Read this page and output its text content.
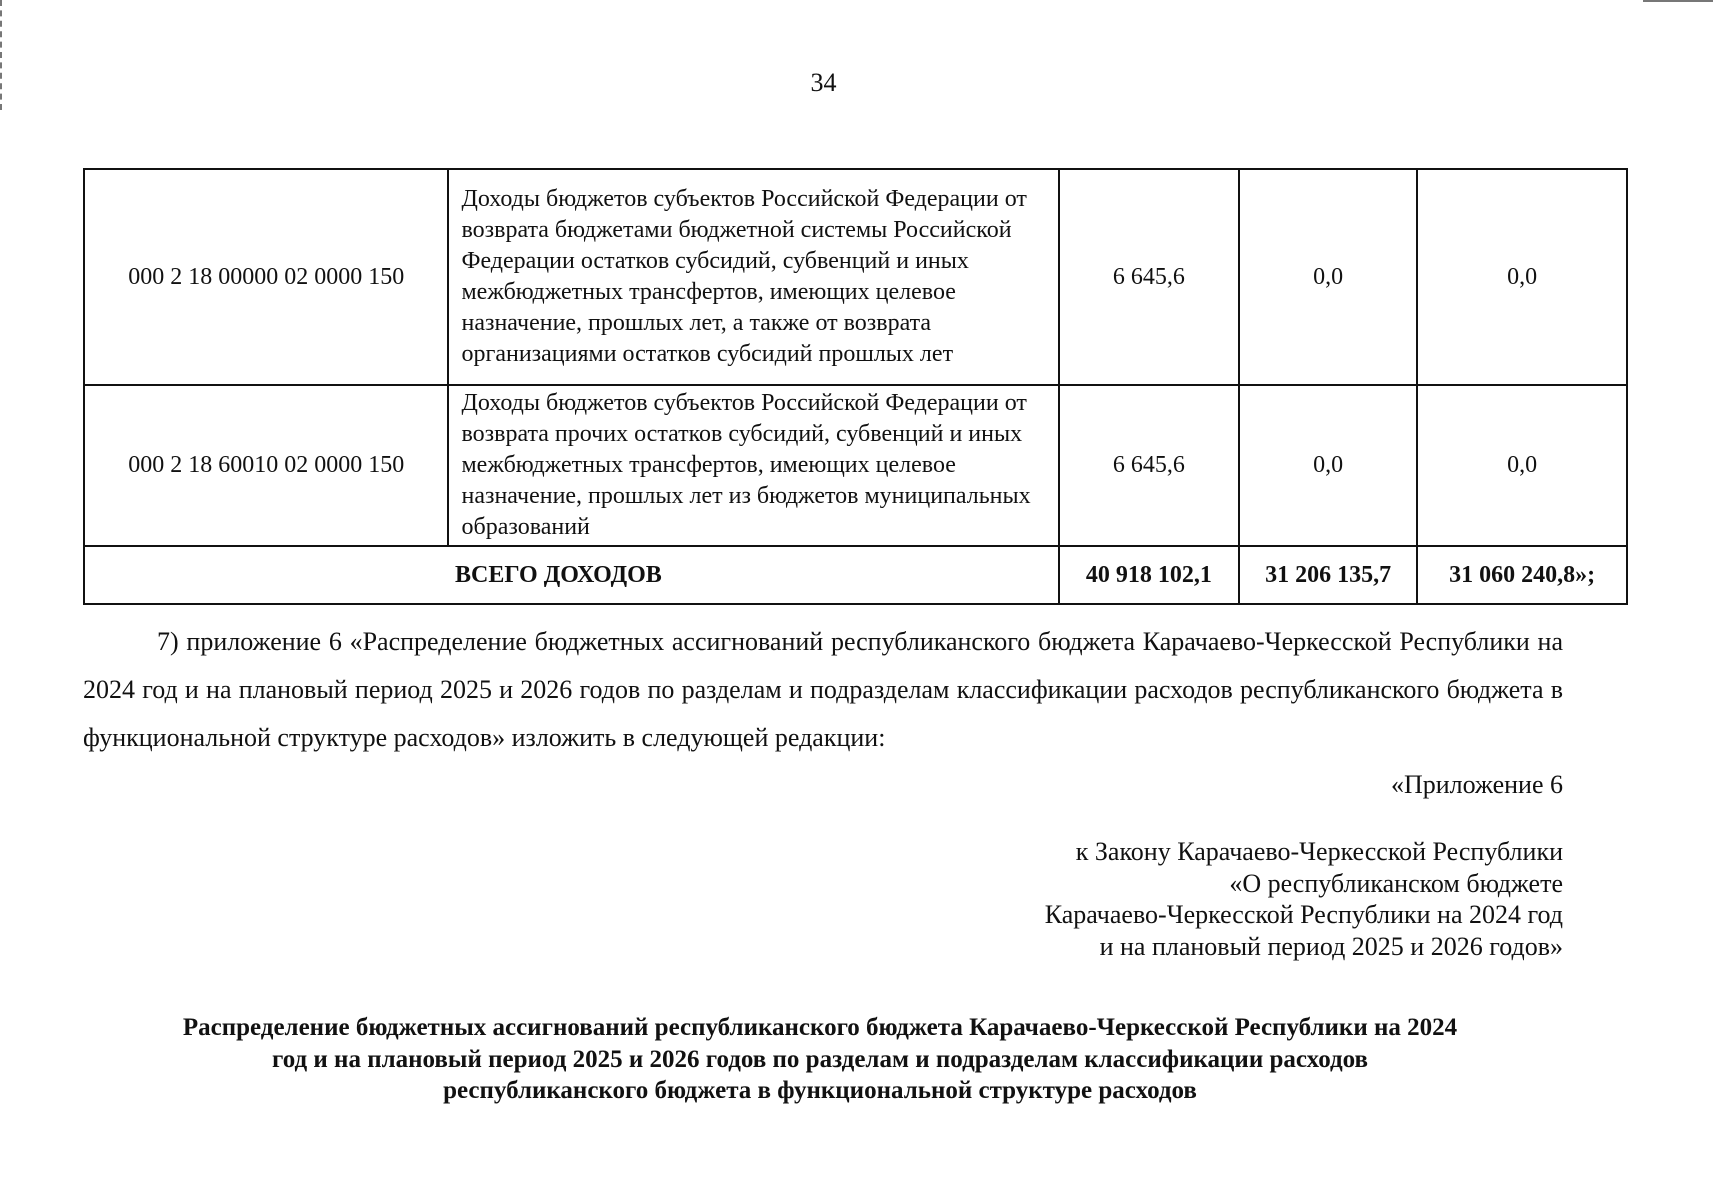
34
000 2 18 00000 02 0000 150	Доходы бюджетов субъектов Российской Федерации от возврата бюджетами бюджетной системы Российской Федерации остатков субсидий, субвенций и иных межбюджетных трансфертов, имеющих целевое назначение, прошлых лет, а также от возврата организациями остатков субсидий прошлых лет	6 645,6	0,0	0,0
000 2 18 60010 02 0000 150	Доходы бюджетов субъектов Российской Федерации от возврата прочих остатков субсидий, субвенций и иных межбюджетных трансфертов, имеющих целевое назначение, прошлых лет из бюджетов муниципальных образований	6 645,6	0,0	0,0
ВСЕГО ДОХОДОВ		40 918 102,1	31 206 135,7	31 060 240,8»;
7) приложение 6 «Распределение бюджетных ассигнований республиканского бюджета Карачаево-Черкесской Республики на 2024 год и на плановый период 2025 и 2026 годов по разделам и подразделам классификации расходов республиканского бюджета в функциональной структуре расходов» изложить в следующей редакции:
«Приложение 6
к Закону Карачаево-Черкесской Республики
«О республиканском бюджете
Карачаево-Черкесской Республики на 2024 год
и на плановый период 2025 и 2026 годов»
Распределение бюджетных ассигнований республиканского бюджета Карачаево-Черкесской Республики на 2024
год и на плановый период 2025 и 2026 годов по разделам и подразделам классификации расходов
республиканского бюджета в функциональной структуре расходов
